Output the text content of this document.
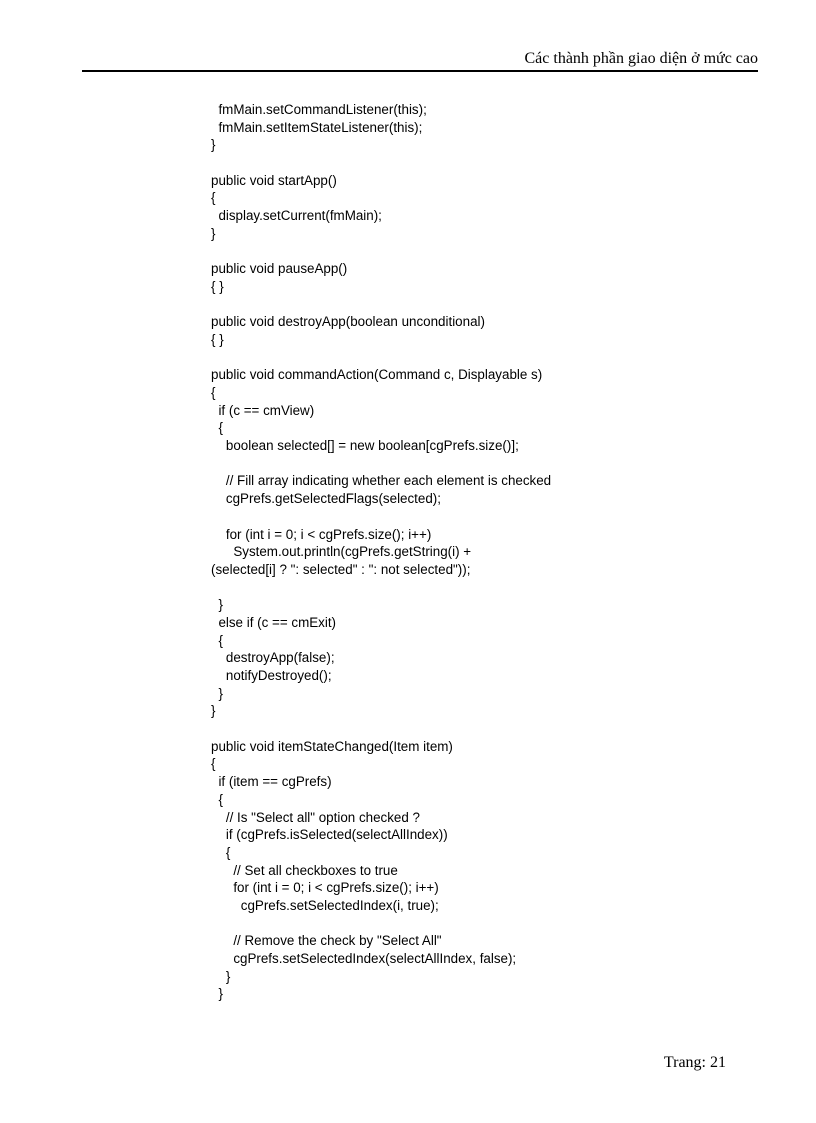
Các thành phần giao diện ở mức cao
fmMain.setCommandListener(this);
fmMain.setItemStateListener(this);
}
public void startApp()
{
display.setCurrent(fmMain);
}
public void pauseApp()
{ }
public void destroyApp(boolean unconditional)
{ }
public void commandAction(Command c, Displayable s)
{
if (c == cmView)
{
boolean selected[] = new boolean[cgPrefs.size()];
// Fill array indicating whether each element is checked
cgPrefs.getSelectedFlags(selected);
for (int i = 0; i < cgPrefs.size(); i++)
System.out.println(cgPrefs.getString(i) +
(selected[i] ? ": selected" : ": not selected"));
}
else if (c == cmExit)
{
destroyApp(false);
notifyDestroyed();
}
}
public void itemStateChanged(Item item)
{
if (item == cgPrefs)
{
// Is "Select all" option checked ?
if (cgPrefs.isSelected(selectAllIndex))
{
// Set all checkboxes to true
for (int i = 0; i < cgPrefs.size(); i++)
cgPrefs.setSelectedIndex(i, true);
// Remove the check by "Select All"
cgPrefs.setSelectedIndex(selectAllIndex, false);
}
}
Trang: 21
